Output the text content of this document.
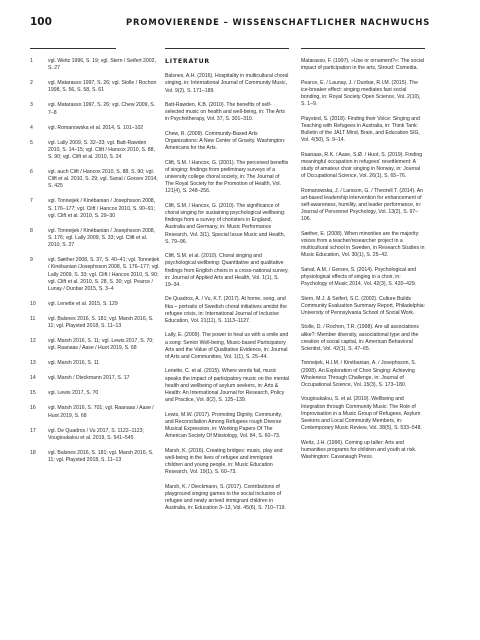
100	PROMOVIERENDE – WISSENSCHAFTLICHER NACHWUCHS
1	vgl. Weitz 1996, S. 19; vgl. Stern / Seifert 2002, S. 27
2	vgl. Matarasso 1997, S. 26; vgl. Stolle / Rochon 1998, S. 56, S. 58, S. 61
3	vgl. Matarasso 1997, S. 26; vgl. Chew 2009, S. 7–8
4	vgl. Romanowska et al. 2014, S. 101–102
5	vgl. Lally 2009, S. 32–33; vgl. Batt-Rawden 2010, S. 14–15; vgl. Clift / Hancox 2010, S. 88, S. 90; vgl. Clift et al. 2010, S. 24
6	vgl. auch Clift / Hancox 2010, S. 88, S. 90; vgl. Clift et al. 2010, S. 29; vgl. Sanal / Gorsev 2014, S. 425
7	vgl. Tonneijek / Kinébanian / Josephsson 2008, S. 176–177; vgl. Clift / Hancox 2010, S. 90–91; vgl. Clift et al. 2010, S. 29–30
8	vgl. Tonneijek / Kinébanian / Josephsson 2008, S. 176; vgl. Lally 2009, S. 33; vgl. Clift et al. 2010, S. 27
9	vgl. Sæther 2008, S. 37, S. 40–41; vgl. Tonneijek / Kinébanian /Josephsson 2008, S. 176–177; vgl. Lally 2009, S. 33; vgl. Clift / Hancox 2010, S. 90; vgl. Clift et al. 2010, S. 28, S. 30; vgl. Pearce / Lunay / Dunbar 2015, S. 3–4
10	vgl. Lenette et al. 2015, S. 129
11	vgl. Balsnes 2016, S. 181; vgl. Marsh 2016, S. 11; vgl. Playsted 2018, S. 11–13
12	vgl. Marsh 2016, S. 11; vgl. Lewis 2017, S. 70; vgl. Raanaas / Aase / Huot 2019, S. 68
13	vgl. Marsh 2016, S. 11
14	vgl. Marsh / Dieckmann 2017, S. 17
15	vgl. Lewis 2017, S. 70
16	vgl. Marsh 2016, S. 701; vgl. Raanaas / Aase / Huot 2019, S. 68
17	vgl. De Quadros / Vu 2017, S. 1122–1123; Vougioukalou et al. 2019, S. 541–545
18	vgl. Balsnes 2016, S. 181; vgl. Marsh 2016, S. 11; vgl. Playsted 2018, S. 11–13
LITERATUR
Balsnes, A.H. (2016). Hospitality in multicultural choral singing, in: International Journal of Community Music, Vol. 9(2), S. 171–189.
Batt-Rawden, K.B. (2010). The benefits of self-selected music on health and well-being, in: The Arts in Psychotherapy, Vol. 37, S. 301–310.
Chew, R. (2009). Community-Based Arts Organizations: A New Center of Gravity. Washington: Americans for the Arts.
Clift, S.M. / Hancox, G. (2001). The perceived benefits of singing: findings from preliminary surveys of a university college choral society, in: The Journal of The Royal Society for the Promotion of Health, Vol. 121(4), S. 248–256.
Clift, S.M. / Hancox, G. (2010). The significance of choral singing for sustaining psychological wellbeing: findings from a survey of choristers in England, Australia and Germany, in: Music Performance Research, Vol. 3(1), Special Issue Music and Health, S. 79–96.
Clift, S.M. et al. (2010). Choral singing and psychological wellbeing: Quantitative and qualitative findings from English choirs in a cross-national survey, in: Journal of Applied Arts and Health, Vol. 1(1), S. 19–34.
De Quadros, A. / Vu, K.T. (2017). At home, song, and fika – portraits of Swedish choral initiatives amidst the refugee crisis, in: International Journal of Inclusive Education, Vol. 21(11), S. 1113–1127.
Lally, E. (2009). The power to heal us with a smile and a song: Senior Well-being, Music-based Participatory Arts and the Value of Qualitative Evidence, in: Journal of Arts and Communities, Vol. 1(1), S. 25–44.
Lenette, C. et al. (2015). Where words fail, music speaks the impact of participatory music on the mental health and wellbeing of asylum seekers, in: Arts & Health: An International Journal for Research, Policy and Practice, Vol. 8(2), S. 125–139.
Lewis, M.W. (2017). Promoting Dignity, Community, and Reconciliation Among Refugees rough Diverse Musical Expression, in: Working Papers Of The American Society Of Missiology, Vol. 84, S. 60–73.
Marsh, K. (2016). Creating bridges: music, play and well-being in the lives of refugee and immigrant children and young people, in: Music Education Research, Vol. 19(1), S. 60–73.
Marsh, K. / Dieckmann, S. (2017). Contributions of playground singing games to the social inclusion of refugee and newly arrived immigrant children in Australia, in: Education 3–13, Vol. 45(6), S. 710–719.
Matarasso, F. (1997). »Use or ornament?«: The social impact of participation in the arts, Stroud: Comedia.
Pearce, E. / Launay, J. / Dunbar, R.I.M. (2015). The ice-breaker effect: singing mediates fast social bonding, in: Royal Society Open Science, Vol. 2(10), S. 1–9.
Playsted, S. (2018). Finding their Voice: Singing and Teaching with Refugees in Australia, in: Think Tank: Bulletin of the JALT Mind, Brain, and Education SIG, Vol. 4(50), S. 9–14.
Raanaas, R.K. / Aase, S.Ø. / Huot, S. (2019). Finding meaningful occupation in refugees' resettlement: A study of amateur choir singing in Norway, in: Journal of Occupational Science, Vol. 26(1), S. 65–76.
Romanowska, J. / Larsson, G. / Theorell T. (2014). An art-based leadership intervention for enhancement of self-awareness, humility, and leader performance, in: Journal of Personnel Psychology, Vol. 13(2), S. 97–106.
Sæther, E. (2008). When minorities are the majority: voices from a teacher/researcher project in a multicultural school in Sweden, in Research Studies in Music Education, Vol. 30(1), S. 25–42.
Sanal, A.M. / Gorsev, S. (2014). Psychological and physiological effects of singing in a choir, in: Psychology of Music 2014, Vol. 42(3), S. 420–429.
Stern, M.J. & Seifert, S.C. (2002). Culture Builds Community Evaluation Summary Report, Philadelphia: University of Pennsylvania School of Social Work.
Stolle, D. / Rochon, T.R. (1998). Are all associations alike?: Member diversity, associational type and the creation of social capital, in: American Behavioral Scientist, Vol. 42(1), S. 47–65.
Tonneijek, H.I.M. / Kinébanian, A. / Josephsson, S. (2008). An Exploration of Choir Singing: Achieving Wholeness Through Challenge, in: Journal of Occupational Science, Vol. 15(3), S. 173–180.
Vougioukalou, S. et al. (2019). Wellbeing and Integration through Community Music: The Role of Improvisation in a Music Group of Refugees, Asylum Seekers and Local Community Members, in: Contemporary Music Review, Vol. 38(5), S. 533–548.
Weitz, J.H. (1996). Coming up taller: Arts and humanities programs for children and youth at risk. Washington: Cavanaugh Press.
